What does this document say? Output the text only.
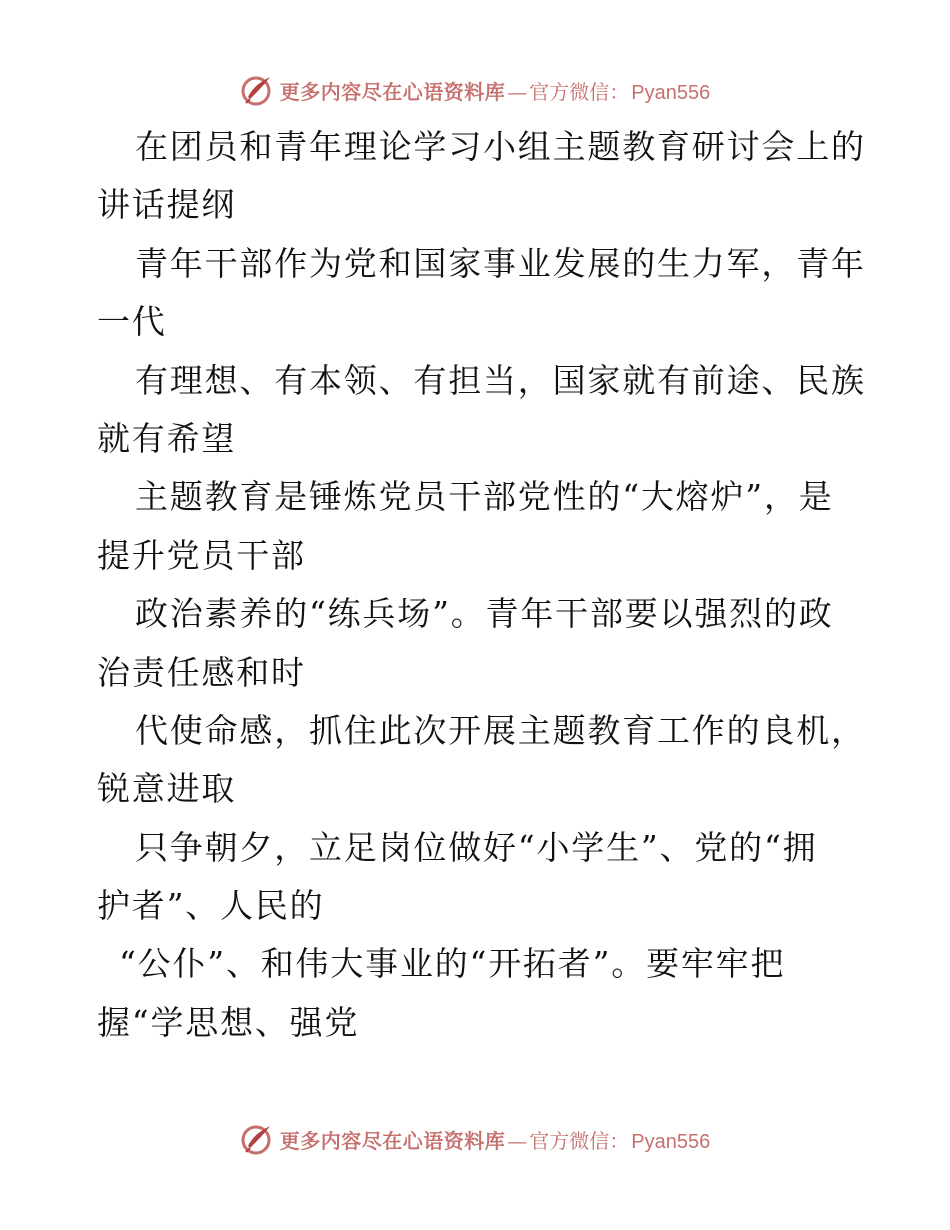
更多内容尽在心语资料库 — 官方微信： Pyan556
在团员和青年理论学习小组主题教育研讨会上的
讲话提纲
青年干部作为党和国家事业发展的生力军，青年
一代
有理想、有本领、有担当，国家就有前途、民族
就有希望
主题教育是锤炼党员干部党性的“大熔炉”，是
提升党员干部
政治素养的“练兵场”。青年干部要以强烈的政
治责任感和时
代使命感，抓住此次开展主题教育工作的良机，
锐意进取
只争朝夕，立足岗位做好“小学生”、党的“拥
护者”、人民的
“公仆”、和伟大事业的“开拓者”。要牢牢把
握“学思想、强党
更多内容尽在心语资料库 — 官方微信： Pyan556
